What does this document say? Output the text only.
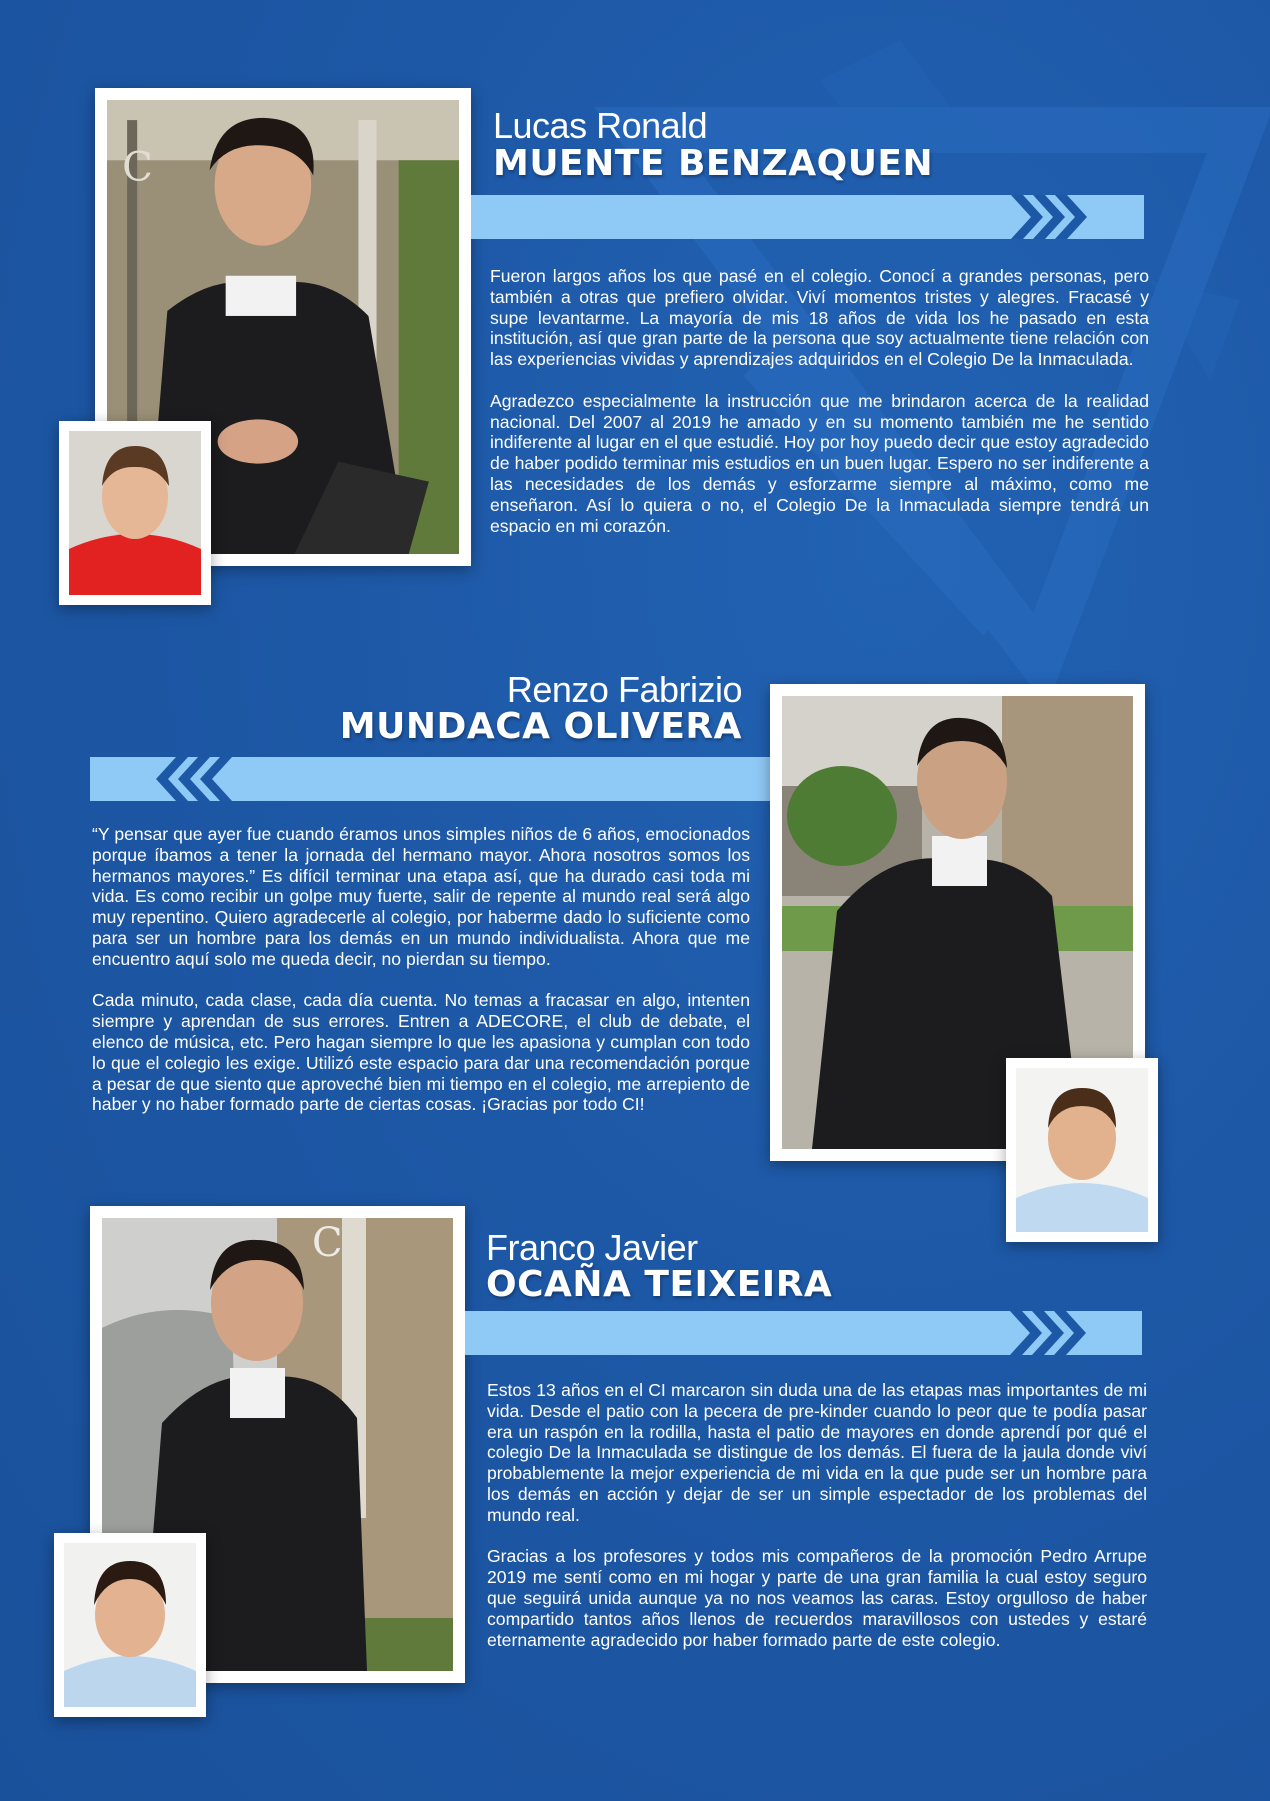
C
Lucas Ronald
MUENTE BENZAQUEN

Fueron largos años los que pasé en el colegio. Conocí a grandes personas, pero también a otras que prefiero olvidar. Viví momentos tristes y alegres. Fracasé y supe levantarme. La mayoría de mis 18 años de vida los he pasado en esta institución, así que gran parte de la persona que soy actualmente tiene relación con las experiencias vividas y aprendizajes adquiridos en el Colegio De la Inmaculada.

Agradezco especialmente la instrucción que me brindaron acerca de la realidad nacional. Del 2007 al 2019 he amado y en su momento también me he sentido indiferente al lugar en el que estudié. Hoy por hoy puedo decir que estoy agradecido de haber podido terminar mis estudios en un buen lugar. Espero no ser indiferente a las necesidades de los demás y esforzarme siempre al máximo, como me enseñaron. Así lo quiera o no, el Colegio De la Inmaculada siempre tendrá un espacio en mi corazón.

Renzo Fabrizio
MUNDACA OLIVERA

“Y pensar que ayer fue cuando éramos unos simples niños de 6 años, emocionados porque íbamos a tener la jornada del hermano mayor. Ahora nosotros somos los hermanos mayores.” Es difícil terminar una etapa así, que ha durado casi toda mi vida. Es como recibir un golpe muy fuerte, salir de repente al mundo real será algo muy repentino. Quiero agradecerle al colegio, por haberme dado lo suficiente como para ser un hombre para los demás en un mundo individualista. Ahora que me encuentro aquí solo me queda decir, no pierdan su tiempo.

Cada minuto, cada clase, cada día cuenta. No temas a fracasar en algo, intenten siempre y aprendan de sus errores. Entren a ADECORE, el club de debate, el elenco de música, etc. Pero hagan siempre lo que les apasiona y cumplan con todo lo que el colegio les exige. Utilizó este espacio para dar una recomendación porque a pesar de que siento que aproveché bien mi tiempo en el colegio, me arrepiento de haber y no haber formado parte de ciertas cosas. ¡Gracias por todo CI!

C	Franco Javier
OCAÑA TEIXEIRA

Estos 13 años en el CI marcaron sin duda una de las etapas mas importantes de mi vida. Desde el patio con la pecera de pre-kinder cuando lo peor que te podía pasar era un raspón en la rodilla, hasta el patio de mayores en donde aprendí por qué el colegio De la Inmaculada se distingue de los demás. El fuera de la jaula donde viví probablemente la mejor experiencia de mi vida en la que pude ser un hombre para los demás en acción y dejar de ser un simple espectador de los problemas del mundo real.

Gracias a los profesores y todos mis compañeros de la promoción Pedro Arrupe 2019 me sentí como en mi hogar y parte de una gran familia la cual estoy seguro que seguirá unida aunque ya no nos veamos las caras. Estoy orgulloso de haber compartido tantos años llenos de recuerdos maravillosos con ustedes y estaré eternamente agradecido por haber formado parte de este colegio.
